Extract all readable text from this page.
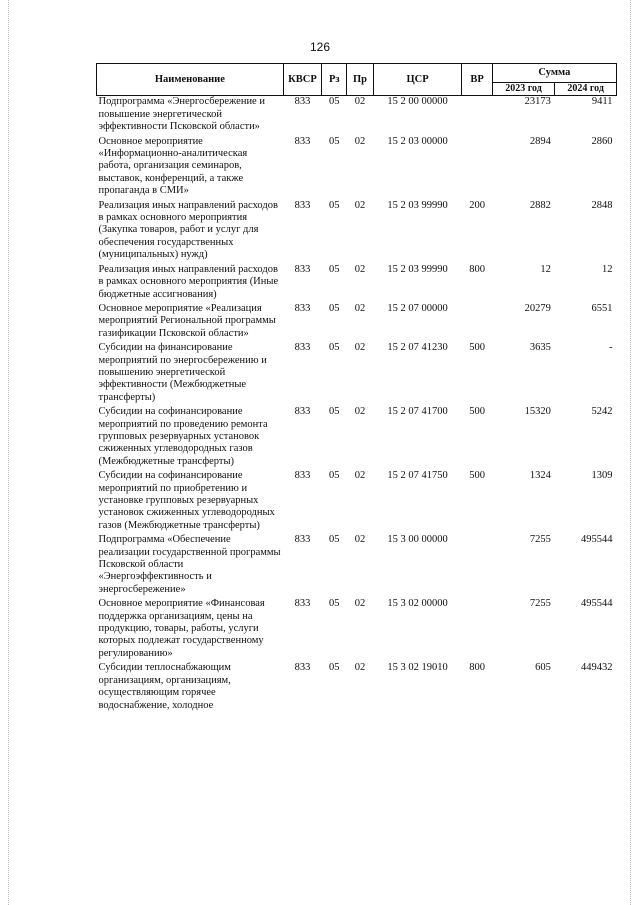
126
Наименование	КВСР	Рз	Пр	ЦСР	ВР	Сумма	
						2023 год	2024 год
Подпрограмма «Энергосбережение и повышение энергетической эффективности Псковской области»	833	05	02	15 2 00 00000		23173	9411
Основное мероприятие «Информационно-аналитическая работа, организация семинаров, выставок, конференций, а также пропаганда в СМИ»	833	05	02	15 2 03 00000		2894	2860
Реализация иных направлений расходов в рамках основного мероприятия (Закупка товаров, работ и услуг для обеспечения государственных (муниципальных) нужд)	833	05	02	15 2 03 99990	200	2882	2848
Реализация иных направлений расходов в рамках основного мероприятия (Иные бюджетные ассигнования)	833	05	02	15 2 03 99990	800	12	12
Основное мероприятие «Реализация мероприятий Региональной программы газификации Псковской области»	833	05	02	15 2 07 00000		20279	6551
Субсидии на финансирование мероприятий по энергосбережению и повышению энергетической эффективности (Межбюджетные трансферты)	833	05	02	15 2 07 41230	500	3635	-
Субсидии на софинансирование мероприятий по проведению ремонта групповых резервуарных установок сжиженных углеводородных газов (Межбюджетные трансферты)	833	05	02	15 2 07 41700	500	15320	5242
Субсидии на софинансирование мероприятий по приобретению и установке групповых резервуарных установок сжиженных углеводородных газов (Межбюджетные трансферты)	833	05	02	15 2 07 41750	500	1324	1309
Подпрограмма «Обеспечение реализации государственной программы Псковской области «Энергоэффективность и энергосбережение»	833	05	02	15 3 00 00000		7255	495544
Основное мероприятие «Финансовая поддержка организациям, цены на продукцию, товары, работы, услуги которых подлежат государственному регулированию»	833	05	02	15 3 02 00000		7255	495544
Субсидии теплоснабжающим организациям, организациям, осуществляющим горячее водоснабжение, холодное	833	05	02	15 3 02 19010	800	605	449432
